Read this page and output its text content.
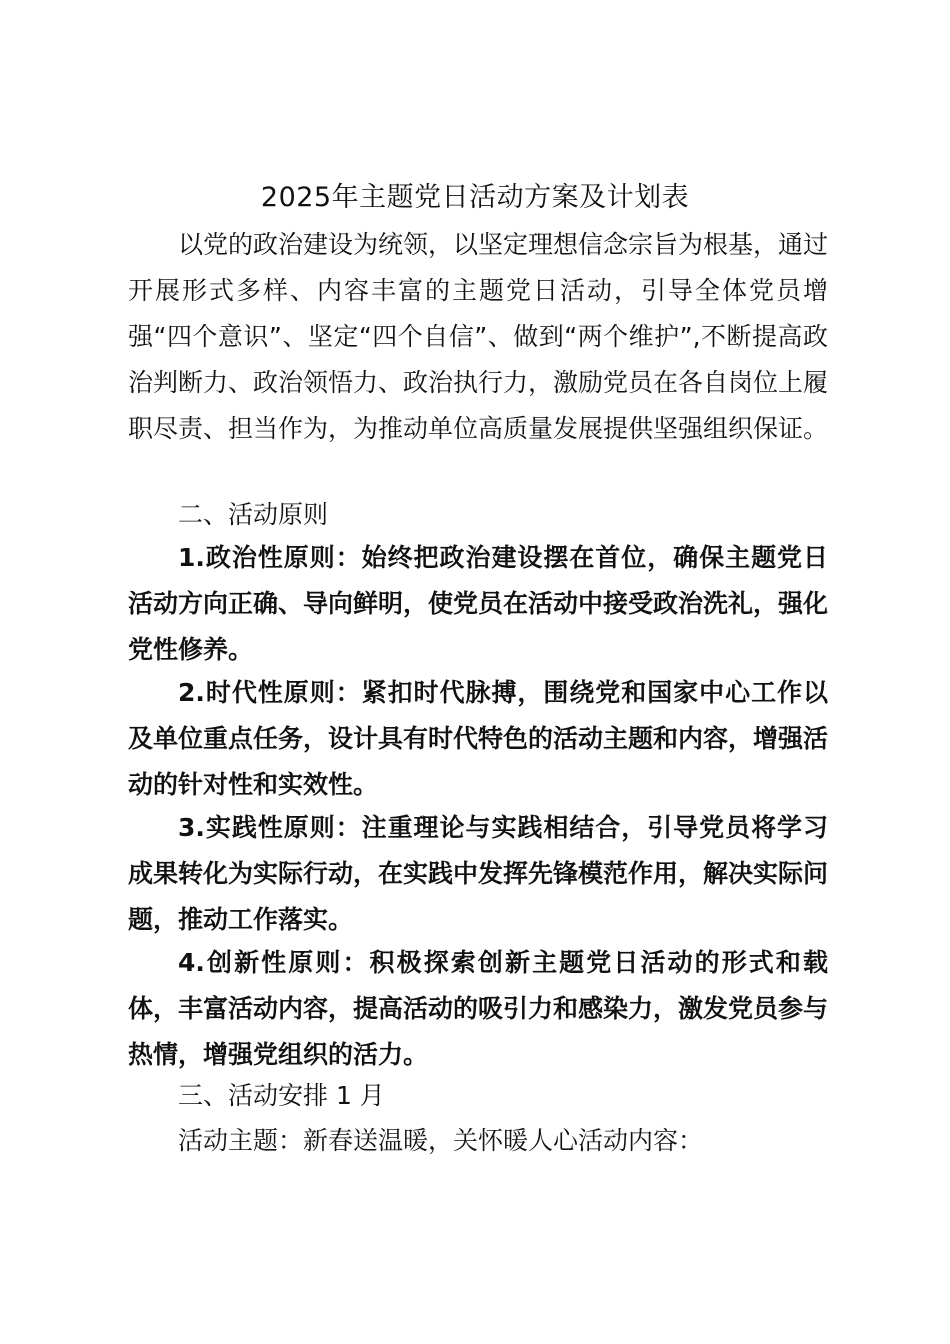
2025年主题党日活动方案及计划表

以党的政治建设为统领，以坚定理想信念宗旨为根基，通过开展形式多样、内容丰富的主题党日活动，引导全体党员增强“四个意识”、坚定“四个自信”、做到“两个维护”,不断提高政治判断力、政治领悟力、政治执行力，激励党员在各自岗位上履职尽责、担当作为，为推动单位高质量发展提供坚强组织保证。

二、活动原则

1.政治性原则：始终把政治建设摆在首位，确保主题党日活动方向正确、导向鲜明，使党员在活动中接受政治洗礼，强化党性修养。

2.时代性原则：紧扣时代脉搏，围绕党和国家中心工作以及单位重点任务，设计具有时代特色的活动主题和内容，增强活动的针对性和实效性。

3.实践性原则：注重理论与实践相结合，引导党员将学习成果转化为实际行动，在实践中发挥先锋模范作用，解决实际问题，推动工作落实。

4.创新性原则：积极探索创新主题党日活动的形式和载体，丰富活动内容，提高活动的吸引力和感染力，激发党员参与热情，增强党组织的活力。

三、活动安排 1 月

活动主题：新春送温暖，关怀暖人心活动内容：
